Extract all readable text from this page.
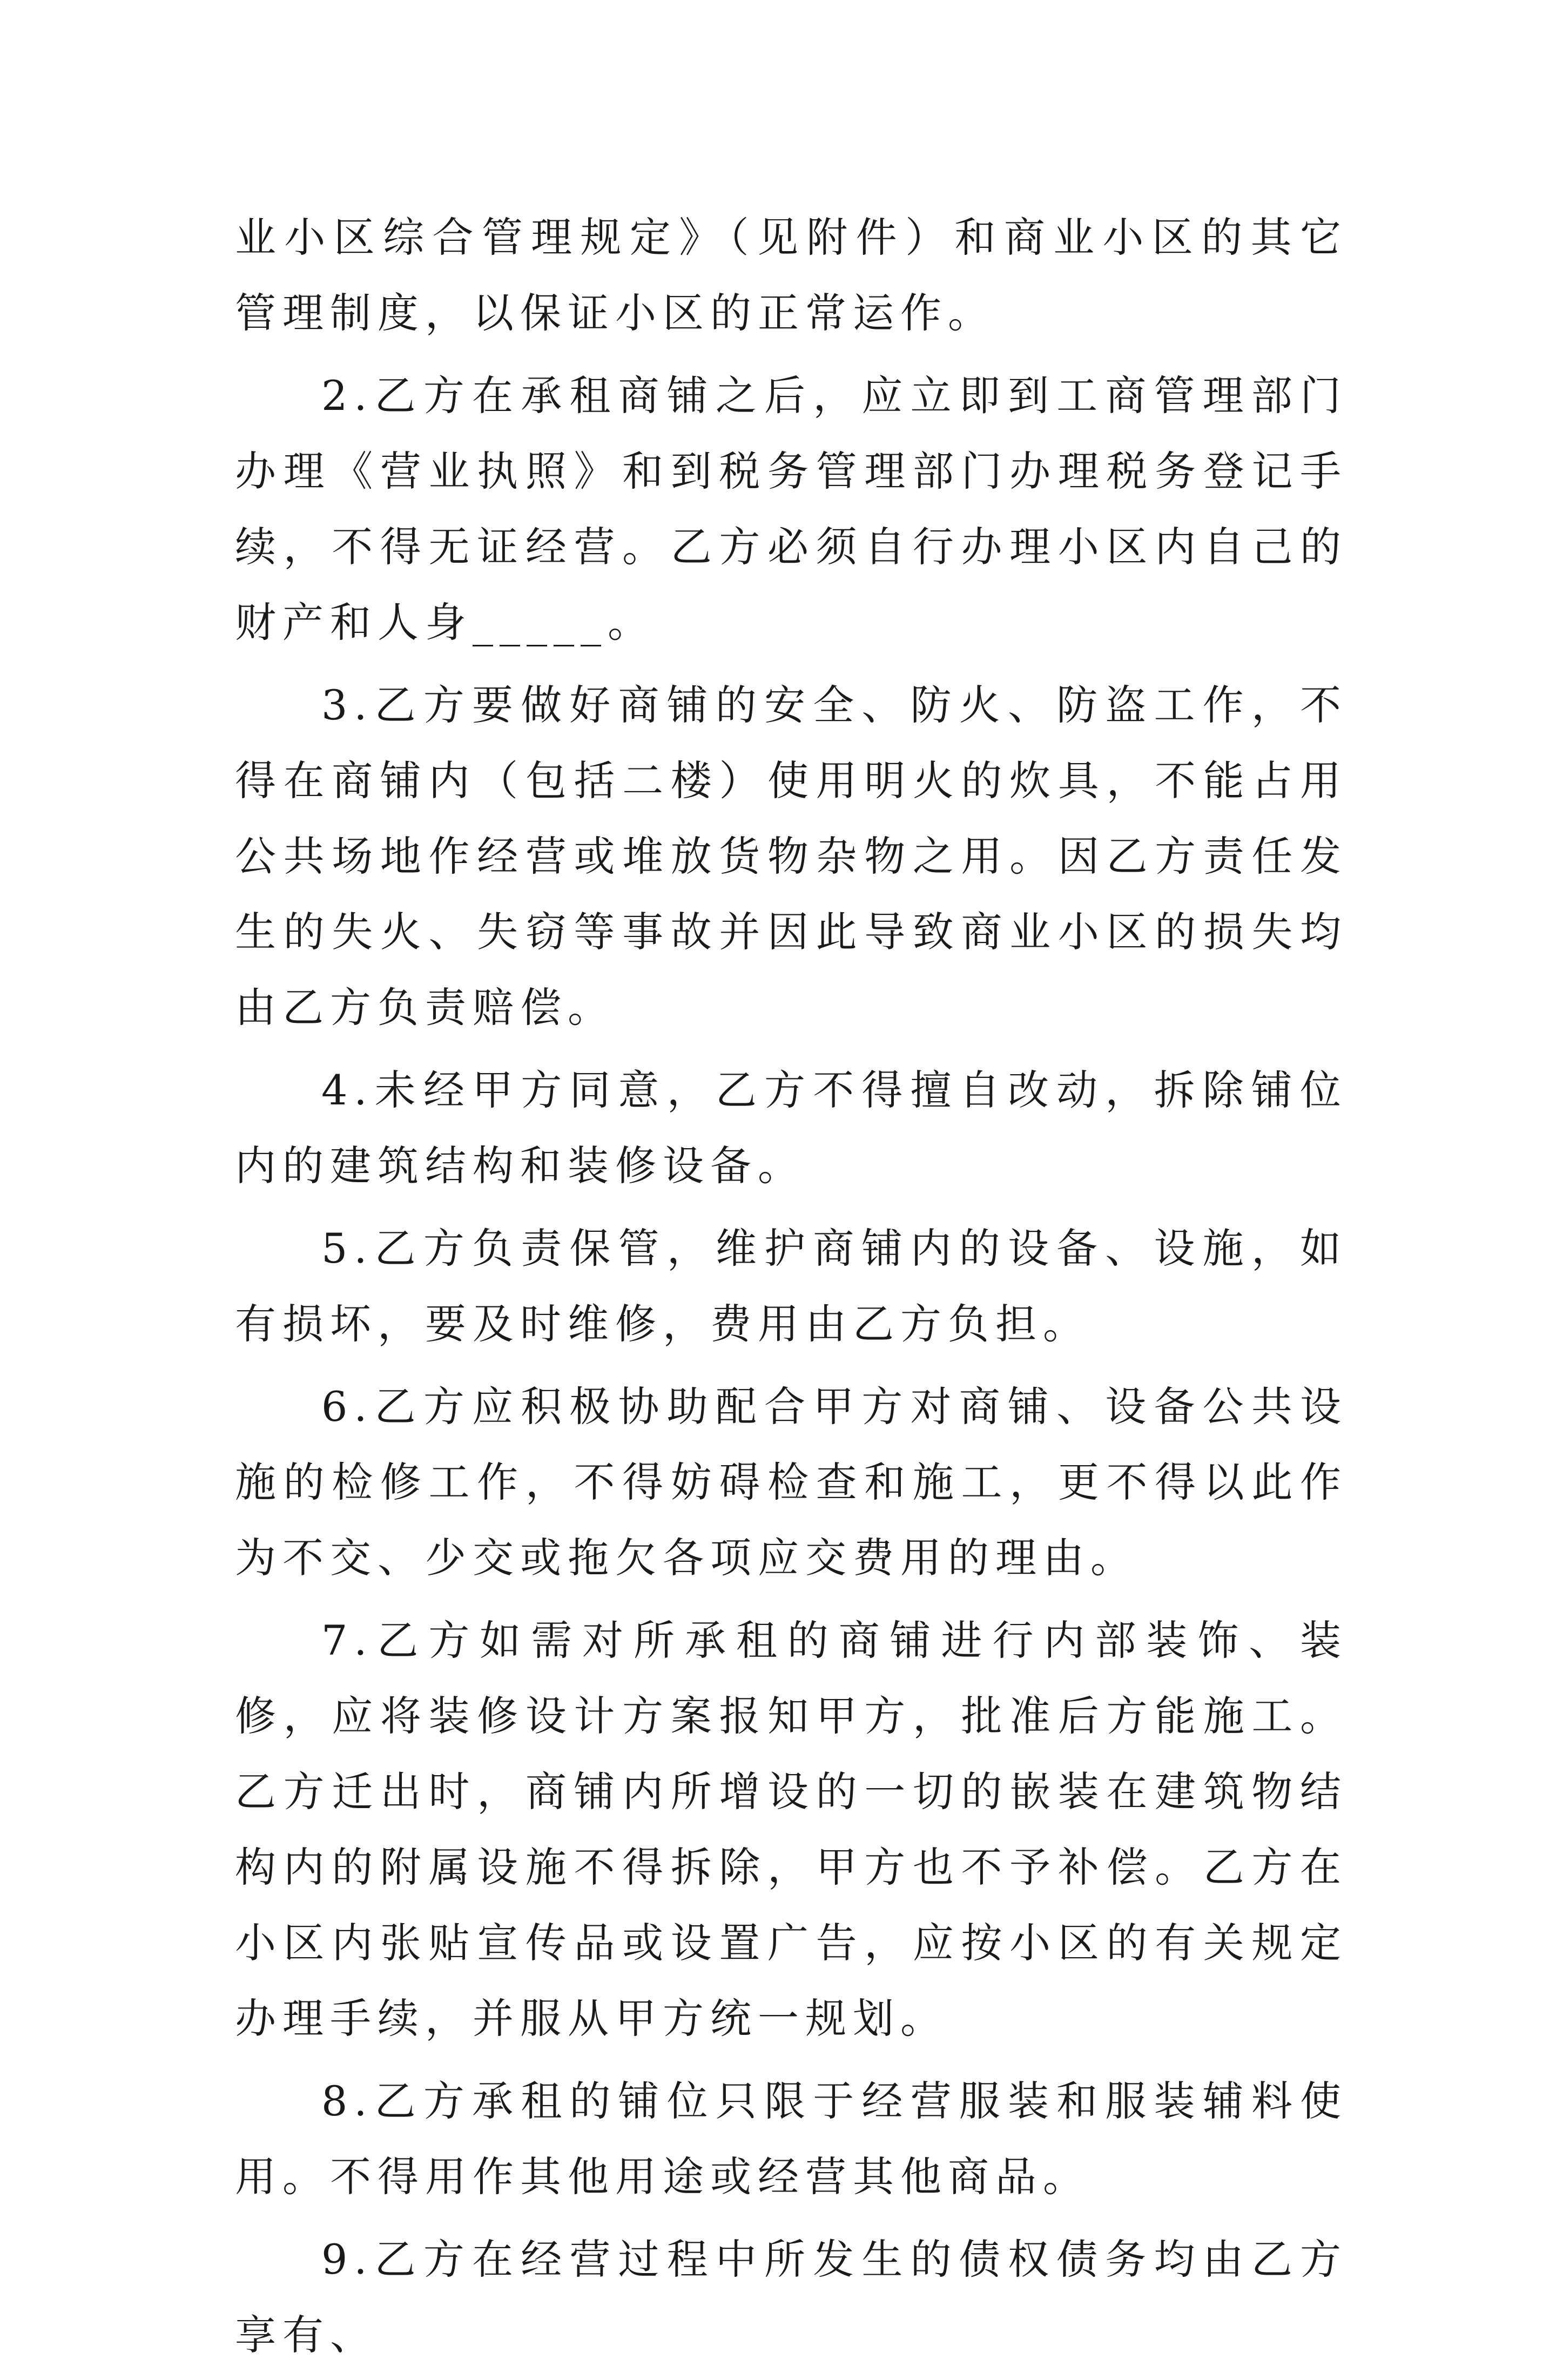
业小区综合管理规定》（见附件）和商业小区的其它管理制度，以保证小区的正常运作。

2.乙方在承租商铺之后，应立即到工商管理部门办理《营业执照》和到税务管理部门办理税务登记手续，不得无证经营。乙方必须自行办理小区内自己的财产和人身_____。

3.乙方要做好商铺的安全、防火、防盗工作，不得在商铺内（包括二楼）使用明火的炊具，不能占用公共场地作经营或堆放货物杂物之用。因乙方责任发生的失火、失窃等事故并因此导致商业小区的损失均由乙方负责赔偿。

4.未经甲方同意，乙方不得擅自改动，拆除铺位内的建筑结构和装修设备。

5.乙方负责保管，维护商铺内的设备、设施，如有损坏，要及时维修，费用由乙方负担。

6.乙方应积极协助配合甲方对商铺、设备公共设施的检修工作，不得妨碍检查和施工，更不得以此作为不交、少交或拖欠各项应交费用的理由。

7.乙方如需对所承租的商铺进行内部装饰、装修，应将装修设计方案报知甲方，批准后方能施工。乙方迁出时，商铺内所增设的一切的嵌装在建筑物结构内的附属设施不得拆除，甲方也不予补偿。乙方在小区内张贴宣传品或设置广告，应按小区的有关规定办理手续，并服从甲方统一规划。

8.乙方承租的铺位只限于经营服装和服装辅料使用。不得用作其他用途或经营其他商品。

9.乙方在经营过程中所发生的债权债务均由乙方享有、
